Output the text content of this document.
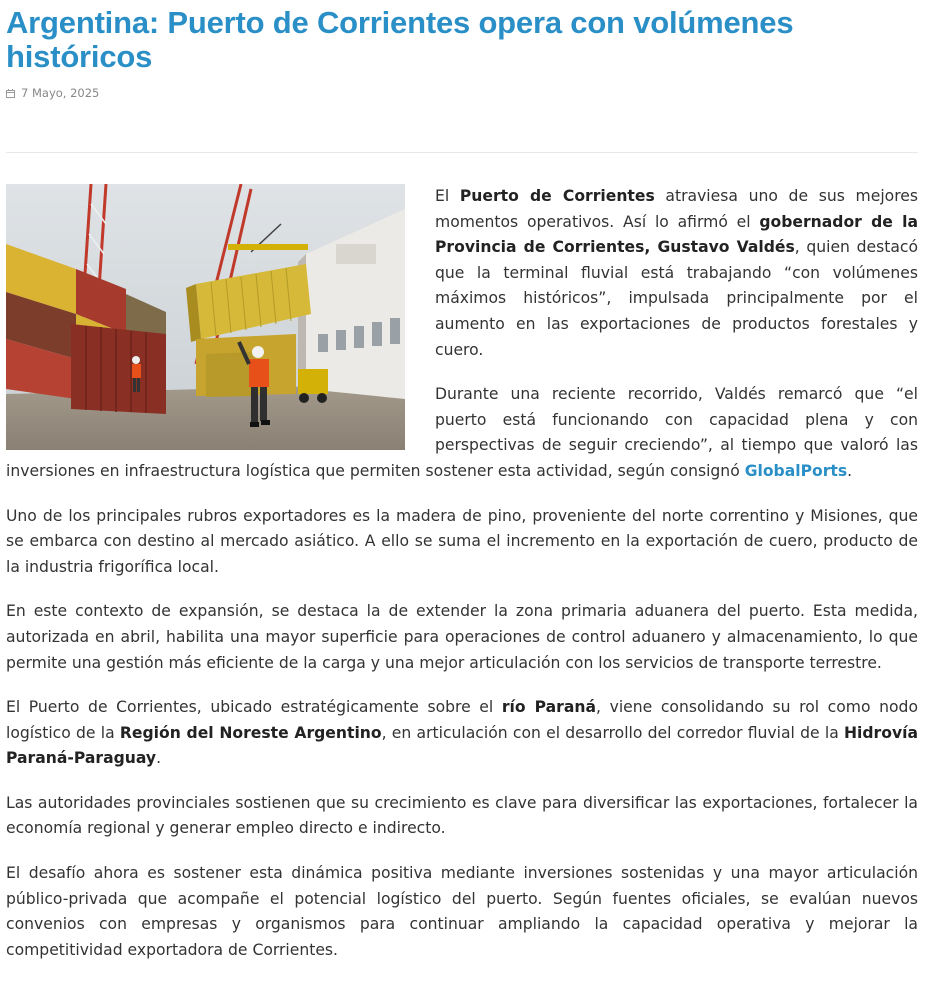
Argentina: Puerto de Corrientes opera con volúmenes históricos
7 Mayo, 2025

El Puerto de Corrientes atraviesa uno de sus mejores momentos operativos. Así lo afirmó el gobernador de la Provincia de Corrientes, Gustavo Valdés, quien destacó que la terminal fluvial está trabajando “con volúmenes máximos históricos”, impulsada principalmente por el aumento en las exportaciones de productos forestales y cuero.

Durante una reciente recorrido, Valdés remarcó que “el puerto está funcionando con capacidad plena y con perspectivas de seguir creciendo”, al tiempo que valoró las inversiones en infraestructura logística que permiten sostener esta actividad, según consignó GlobalPorts.

Uno de los principales rubros exportadores es la madera de pino, proveniente del norte correntino y Misiones, que se embarca con destino al mercado asiático. A ello se suma el incremento en la exportación de cuero, producto de la industria frigorífica local.

En este contexto de expansión, se destaca la de extender la zona primaria aduanera del puerto. Esta medida, autorizada en abril, habilita una mayor superficie para operaciones de control aduanero y almacenamiento, lo que permite una gestión más eficiente de la carga y una mejor articulación con los servicios de transporte terrestre.

El Puerto de Corrientes, ubicado estratégicamente sobre el río Paraná, viene consolidando su rol como nodo logístico de la Región del Noreste Argentino, en articulación con el desarrollo del corredor fluvial de la Hidrovía Paraná-Paraguay.

Las autoridades provinciales sostienen que su crecimiento es clave para diversificar las exportaciones, fortalecer la economía regional y generar empleo directo e indirecto.

El desafío ahora es sostener esta dinámica positiva mediante inversiones sostenidas y una mayor articulación público-privada que acompañe el potencial logístico del puerto. Según fuentes oficiales, se evalúan nuevos convenios con empresas y organismos para continuar ampliando la capacidad operativa y mejorar la competitividad exportadora de Corrientes.
